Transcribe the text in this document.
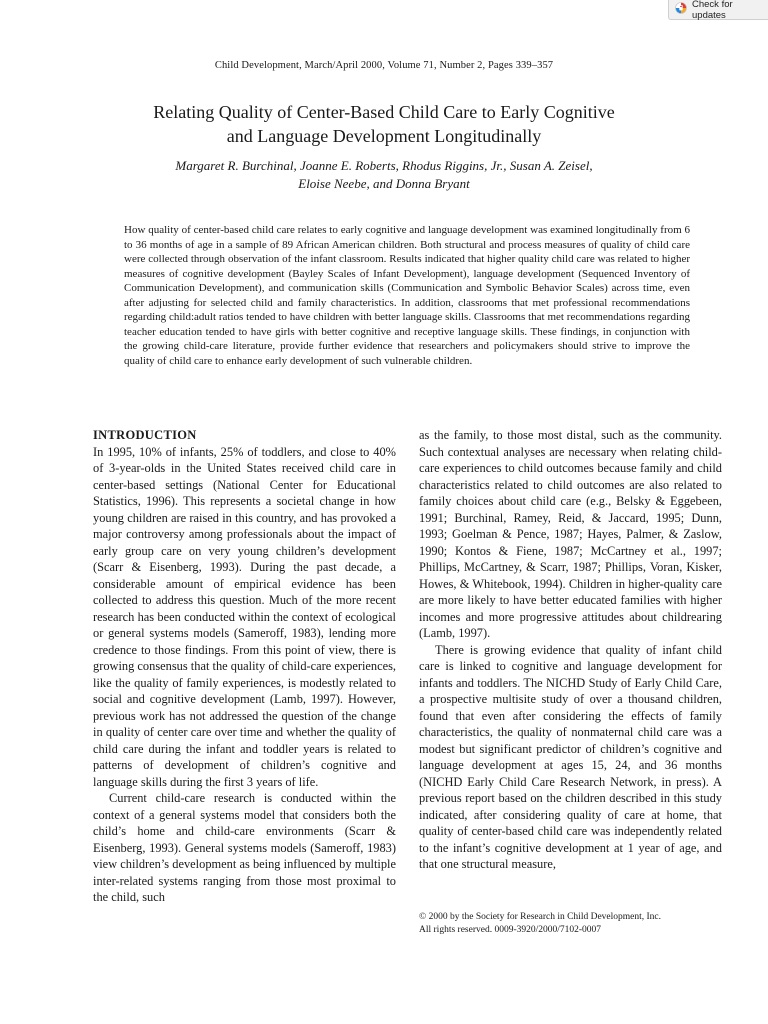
Check for updates
Child Development, March/April 2000, Volume 71, Number 2, Pages 339–357
Relating Quality of Center-Based Child Care to Early Cognitive
and Language Development Longitudinally
Margaret R. Burchinal, Joanne E. Roberts, Rhodus Riggins, Jr., Susan A. Zeisel,
Eloise Neebe, and Donna Bryant

How quality of center-based child care relates to early cognitive and language development was examined longitudinally from 6 to 36 months of age in a sample of 89 African American children. Both structural and process measures of quality of child care were collected through observation of the infant classroom. Results indicated that higher quality child care was related to higher measures of cognitive development (Bayley Scales of Infant Development), language development (Sequenced Inventory of Communication Development), and communication skills (Communication and Symbolic Behavior Scales) across time, even after adjusting for selected child and family characteristics. In addition, classrooms that met professional recommendations regarding child:adult ratios tended to have children with better language skills. Classrooms that met recommendations regarding teacher education tended to have girls with better cognitive and receptive language skills. These findings, in conjunction with the growing child-care literature, provide further evidence that researchers and policymakers should strive to improve the quality of child care to enhance early development of such vulnerable children.

INTRODUCTION

In 1995, 10% of infants, 25% of toddlers, and close to 40% of 3-year-olds in the United States received child care in center-based settings (National Center for Educational Statistics, 1996). This represents a societal change in how young children are raised in this country, and has provoked a major controversy among professionals about the impact of early group care on very young children’s development (Scarr & Eisenberg, 1993). During the past decade, a considerable amount of empirical evidence has been collected to address this question. Much of the more recent research has been conducted within the context of ecological or general systems models (Sameroff, 1983), lending more credence to those findings. From this point of view, there is growing consensus that the quality of child-care experiences, like the quality of family experiences, is modestly related to social and cognitive development (Lamb, 1997). However, previous work has not addressed the question of the change in quality of center care over time and whether the quality of child care during the infant and toddler years is related to patterns of development of children’s cognitive and language skills during the first 3 years of life.

Current child-care research is conducted within the context of a general systems model that considers both the child’s home and child-care environments (Scarr & Eisenberg, 1993). General systems models (Sameroff, 1983) view children’s development as being influenced by multiple inter-related systems ranging from those most proximal to the child, such

as the family, to those most distal, such as the community. Such contextual analyses are necessary when relating child-care experiences to child outcomes because family and child characteristics related to child outcomes are also related to family choices about child care (e.g., Belsky & Eggebeen, 1991; Burchinal, Ramey, Reid, & Jaccard, 1995; Dunn, 1993; Goelman & Pence, 1987; Hayes, Palmer, & Zaslow, 1990; Kontos & Fiene, 1987; McCartney et al., 1997; Phillips, McCartney, & Scarr, 1987; Phillips, Voran, Kisker, Howes, & Whitebook, 1994). Children in higher-quality care are more likely to have better educated families with higher incomes and more progressive attitudes about childrearing (Lamb, 1997).

There is growing evidence that quality of infant child care is linked to cognitive and language development for infants and toddlers. The NICHD Study of Early Child Care, a prospective multisite study of over a thousand children, found that even after considering the effects of family characteristics, the quality of nonmaternal child care was a modest but significant predictor of children’s cognitive and language development at ages 15, 24, and 36 months (NICHD Early Child Care Research Network, in press). A previous report based on the children described in this study indicated, after considering quality of care at home, that quality of center-based child care was independently related to the infant’s cognitive development at 1 year of age, and that one structural measure,

© 2000 by the Society for Research in Child Development, Inc.
All rights reserved. 0009-3920/2000/7102-0007
